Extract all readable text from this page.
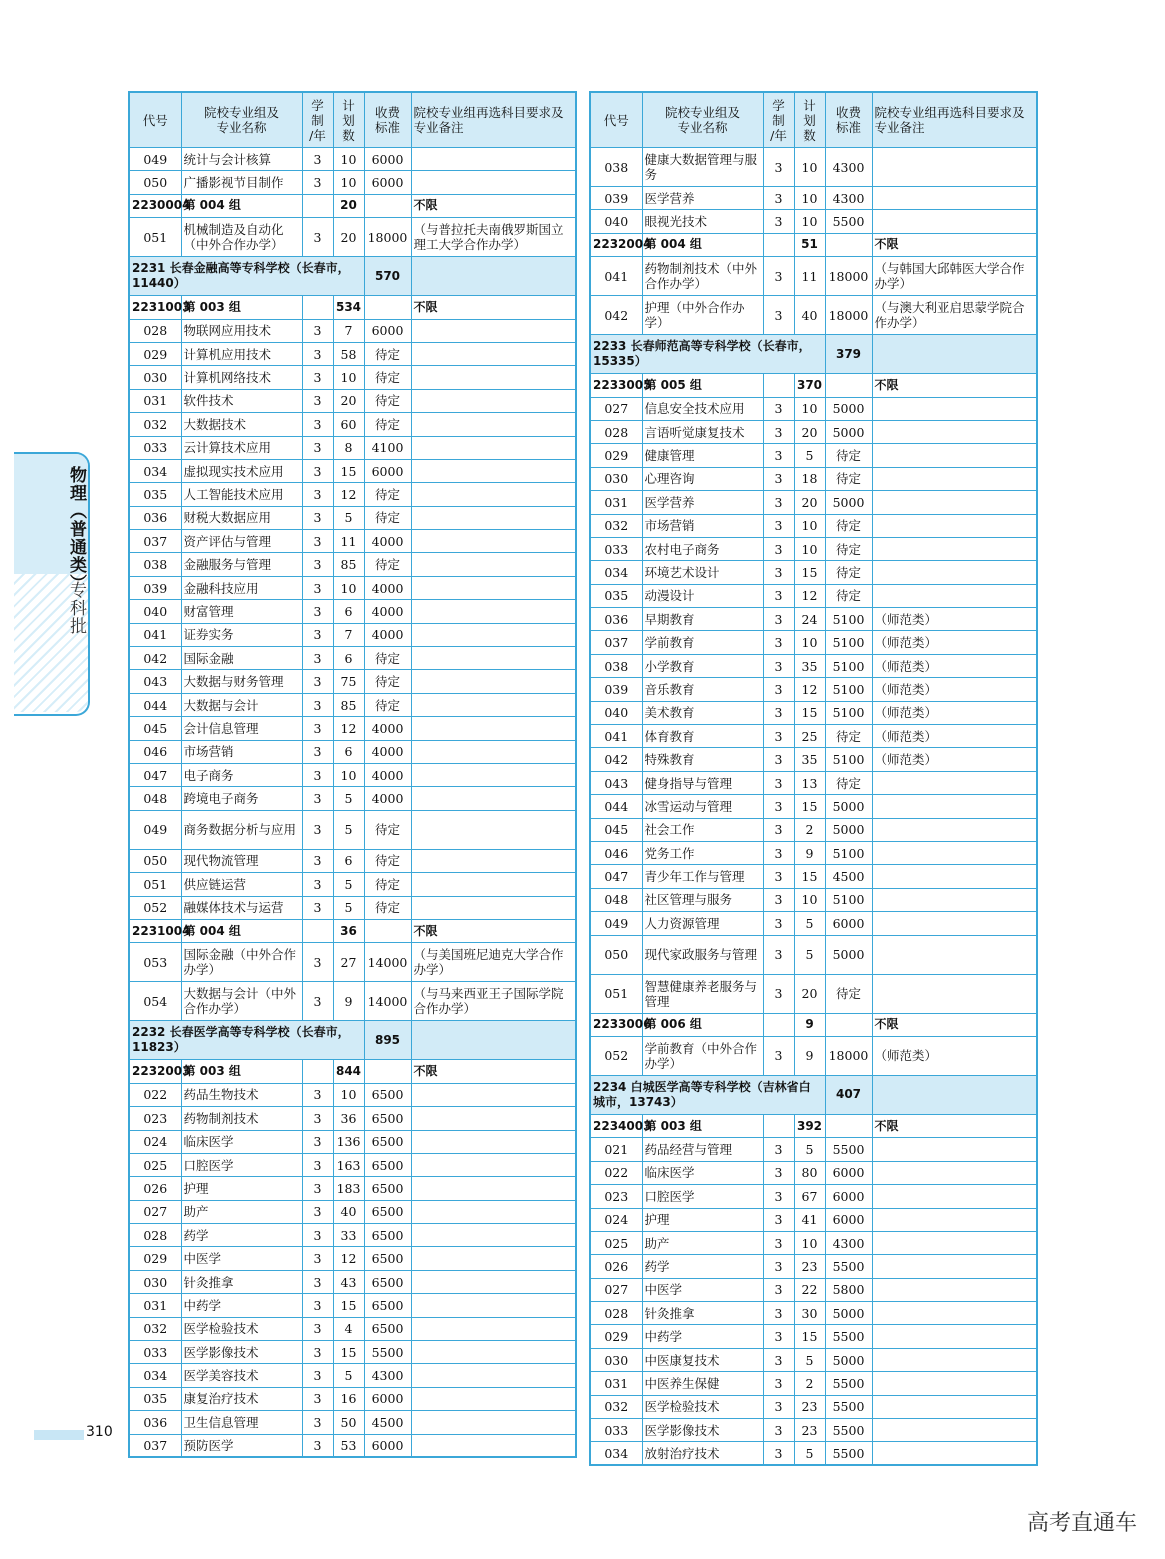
物理（普通类）
专科批
代号	院校专业组及
专业名称	学
制
/年	计
划
数	收费
标准	院校专业组再选科目要求及专业备注	
049	统计与会计核算	3	10	6000		
050	广播影视节目制作	3	10	6000		
2230004	第 004 组		20		不限	
051	机械制造及自动化（中外合作办学）	3	20	18000	（与普拉托夫南俄罗斯国立理工大学合作办学）	
2231 长春金融高等专科学校（长春市，11440）				570		
2231003	第 003 组		534		不限	
028	物联网应用技术	3	7	6000		
029	计算机应用技术	3	58	待定		
030	计算机网络技术	3	10	待定		
031	软件技术	3	20	待定		
032	大数据技术	3	60	待定		
033	云计算技术应用	3	8	4100		
034	虚拟现实技术应用	3	15	6000		
035	人工智能技术应用	3	12	待定		
036	财税大数据应用	3	5	待定		
037	资产评估与管理	3	11	4000		
038	金融服务与管理	3	85	待定		
039	金融科技应用	3	10	4000		
040	财富管理	3	6	4000		
041	证券实务	3	7	4000		
042	国际金融	3	6	待定		
043	大数据与财务管理	3	75	待定		
044	大数据与会计	3	85	待定		
045	会计信息管理	3	12	4000		
046	市场营销	3	6	4000		
047	电子商务	3	10	4000		
048	跨境电子商务	3	5	4000		
049	商务数据分析与应用	3	5	待定		
050	现代物流管理	3	6	待定		
051	供应链运营	3	5	待定		
052	融媒体技术与运营	3	5	待定		
2231004	第 004 组		36		不限	
053	国际金融（中外合作办学）	3	27	14000	（与美国班尼迪克大学合作办学）	
054	大数据与会计（中外合作办学）	3	9	14000	（与马来西亚王子国际学院合作办学）	
2232 长春医学高等专科学校（长春市，11823）				895		
2232003	第 003 组		844		不限	
022	药品生物技术	3	10	6500		
023	药物制剂技术	3	36	6500		
024	临床医学	3	136	6500		
025	口腔医学	3	163	6500		
026	护理	3	183	6500		
027	助产	3	40	6500		
028	药学	3	33	6500		
029	中医学	3	12	6500		
030	针灸推拿	3	43	6500		
031	中药学	3	15	6500		
032	医学检验技术	3	4	6500		
033	医学影像技术	3	15	5500		
034	医学美容技术	3	5	4300		
035	康复治疗技术	3	16	6000		
036	卫生信息管理	3	50	4500		
037	预防医学	3	53	6000		
代号	院校专业组及
专业名称	学
制
/年	计
划
数	收费
标准	院校专业组再选科目要求及专业备注	
038	健康大数据管理与服务	3	10	4300		
039	医学营养	3	10	4300		
040	眼视光技术	3	10	5500		
2232004	第 004 组		51		不限	
041	药物制剂技术（中外合作办学）	3	11	18000	（与韩国大邱韩医大学合作办学）	
042	护理（中外合作办学）	3	40	18000	（与澳大利亚启思蒙学院合作办学）	
2233 长春师范高等专科学校（长春市，15335）				379		
2233005	第 005 组		370		不限	
027	信息安全技术应用	3	10	5000		
028	言语听觉康复技术	3	20	5000		
029	健康管理	3	5	待定		
030	心理咨询	3	18	待定		
031	医学营养	3	20	5000		
032	市场营销	3	10	待定		
033	农村电子商务	3	10	待定		
034	环境艺术设计	3	15	待定		
035	动漫设计	3	12	待定		
036	早期教育	3	24	5100	（师范类）	
037	学前教育	3	10	5100	（师范类）	
038	小学教育	3	35	5100	（师范类）	
039	音乐教育	3	12	5100	（师范类）	
040	美术教育	3	15	5100	（师范类）	
041	体育教育	3	25	待定	（师范类）	
042	特殊教育	3	35	5100	（师范类）	
043	健身指导与管理	3	13	待定		
044	冰雪运动与管理	3	15	5000		
045	社会工作	3	2	5000		
046	党务工作	3	9	5100		
047	青少年工作与管理	3	15	4500		
048	社区管理与服务	3	10	5100		
049	人力资源管理	3	5	6000		
050	现代家政服务与管理	3	5	5000		
051	智慧健康养老服务与管理	3	20	待定		
2233006	第 006 组		9		不限	
052	学前教育（中外合作办学）	3	9	18000	（师范类）	
2234 白城医学高等专科学校（吉林省白城市，13743）				407		
2234003	第 003 组		392		不限	
021	药品经营与管理	3	5	5500		
022	临床医学	3	80	6000		
023	口腔医学	3	67	6000		
024	护理	3	41	6000		
025	助产	3	10	4300		
026	药学	3	23	5500		
027	中医学	3	22	5800		
028	针灸推拿	3	30	5000		
029	中药学	3	15	5500		
030	中医康复技术	3	5	5000		
031	中医养生保健	3	2	5500		
032	医学检验技术	3	23	5500		
033	医学影像技术	3	23	5500		
034	放射治疗技术	3	5	5500		
310
高考直通车
